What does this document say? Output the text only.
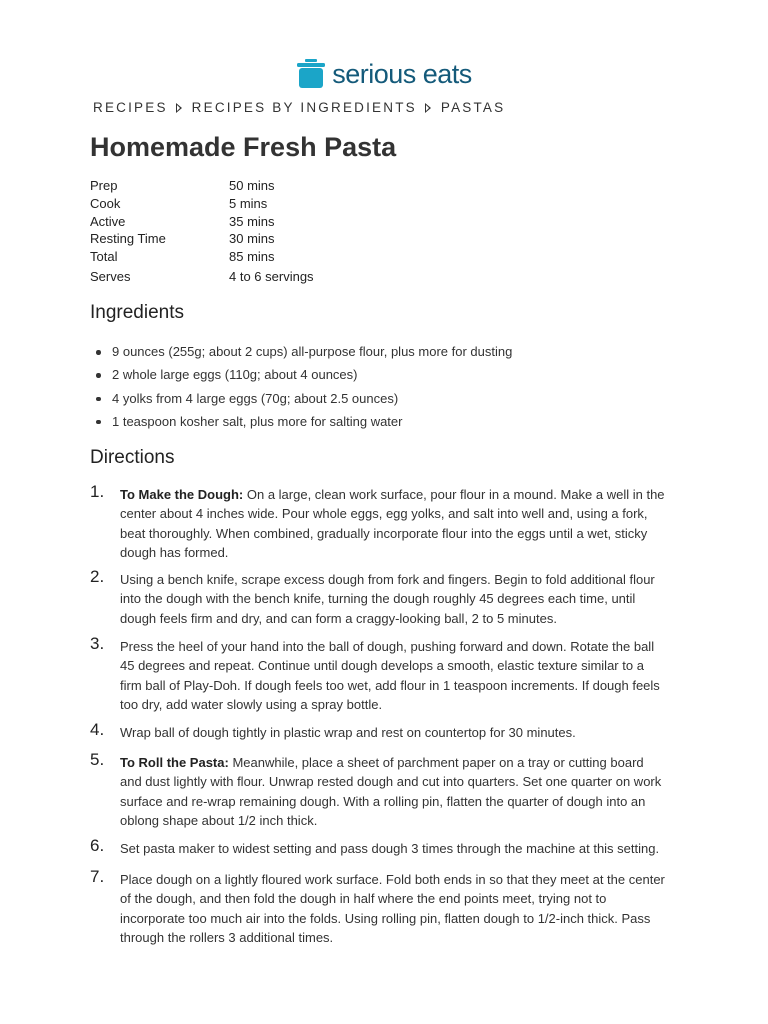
serious eats
RECIPES RECIPES BY INGREDIENTS PASTAS
Homemade Fresh Pasta
Prep	50 mins
Cook	5 mins
Active	35 mins
Resting Time	30 mins
Total	85 mins
Serves	4 to 6 servings
Ingredients
9 ounces (255g; about 2 cups) all-purpose flour, plus more for dusting
2 whole large eggs (110g; about 4 ounces)
4 yolks from 4 large eggs (70g; about 2.5 ounces)
1 teaspoon kosher salt, plus more for salting water
Directions
1. To Make the Dough: On a large, clean work surface, pour flour in a mound. Make a well in the center about 4 inches wide. Pour whole eggs, egg yolks, and salt into well and, using a fork, beat thoroughly. When combined, gradually incorporate flour into the eggs until a wet, sticky dough has formed.
2. Using a bench knife, scrape excess dough from fork and fingers. Begin to fold additional flour into the dough with the bench knife, turning the dough roughly 45 degrees each time, until dough feels firm and dry, and can form a craggy-looking ball, 2 to 5 minutes.
3. Press the heel of your hand into the ball of dough, pushing forward and down. Rotate the ball 45 degrees and repeat. Continue until dough develops a smooth, elastic texture similar to a firm ball of Play-Doh. If dough feels too wet, add flour in 1 teaspoon increments. If dough feels too dry, add water slowly using a spray bottle.
4. Wrap ball of dough tightly in plastic wrap and rest on countertop for 30 minutes.
5. To Roll the Pasta: Meanwhile, place a sheet of parchment paper on a tray or cutting board and dust lightly with flour. Unwrap rested dough and cut into quarters. Set one quarter on work surface and re-wrap remaining dough. With a rolling pin, flatten the quarter of dough into an oblong shape about 1/2 inch thick.
6. Set pasta maker to widest setting and pass dough 3 times through the machine at this setting.
7. Place dough on a lightly floured work surface. Fold both ends in so that they meet at the center of the dough, and then fold the dough in half where the end points meet, trying not to incorporate too much air into the folds. Using rolling pin, flatten dough to 1/2-inch thick. Pass through the rollers 3 additional times.
